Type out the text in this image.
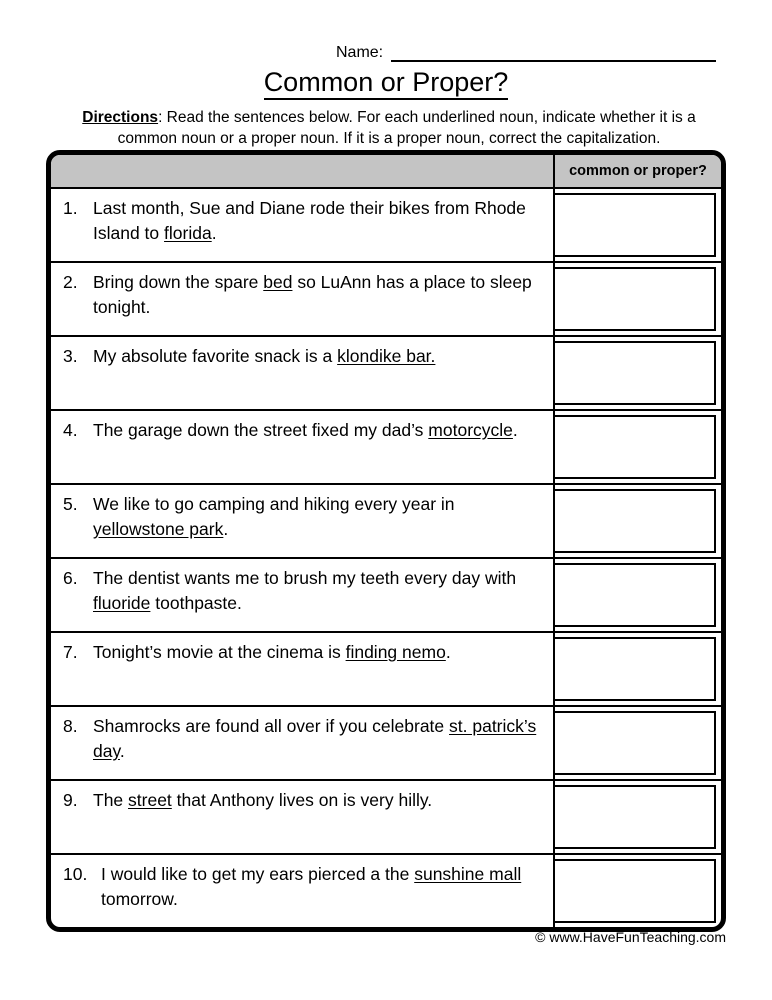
Name:
Common or Proper?
Directions: Read the sentences below. For each underlined noun, indicate whether it is a common noun or a proper noun. If it is a proper noun, correct the capitalization.
common or proper?
1. Last month, Sue and Diane rode their bikes from Rhode Island to florida.
2. Bring down the spare bed so LuAnn has a place to sleep tonight.
3. My absolute favorite snack is a klondike bar.
4. The garage down the street fixed my dad’s motorcycle.
5. We like to go camping and hiking every year in yellowstone park.
6. The dentist wants me to brush my teeth every day with fluoride toothpaste.
7. Tonight’s movie at the cinema is finding nemo.
8. Shamrocks are found all over if you celebrate st. patrick’s day.
9. The street that Anthony lives on is very hilly.
10. I would like to get my ears pierced a the sunshine mall tomorrow.
© www.HaveFunTeaching.com
